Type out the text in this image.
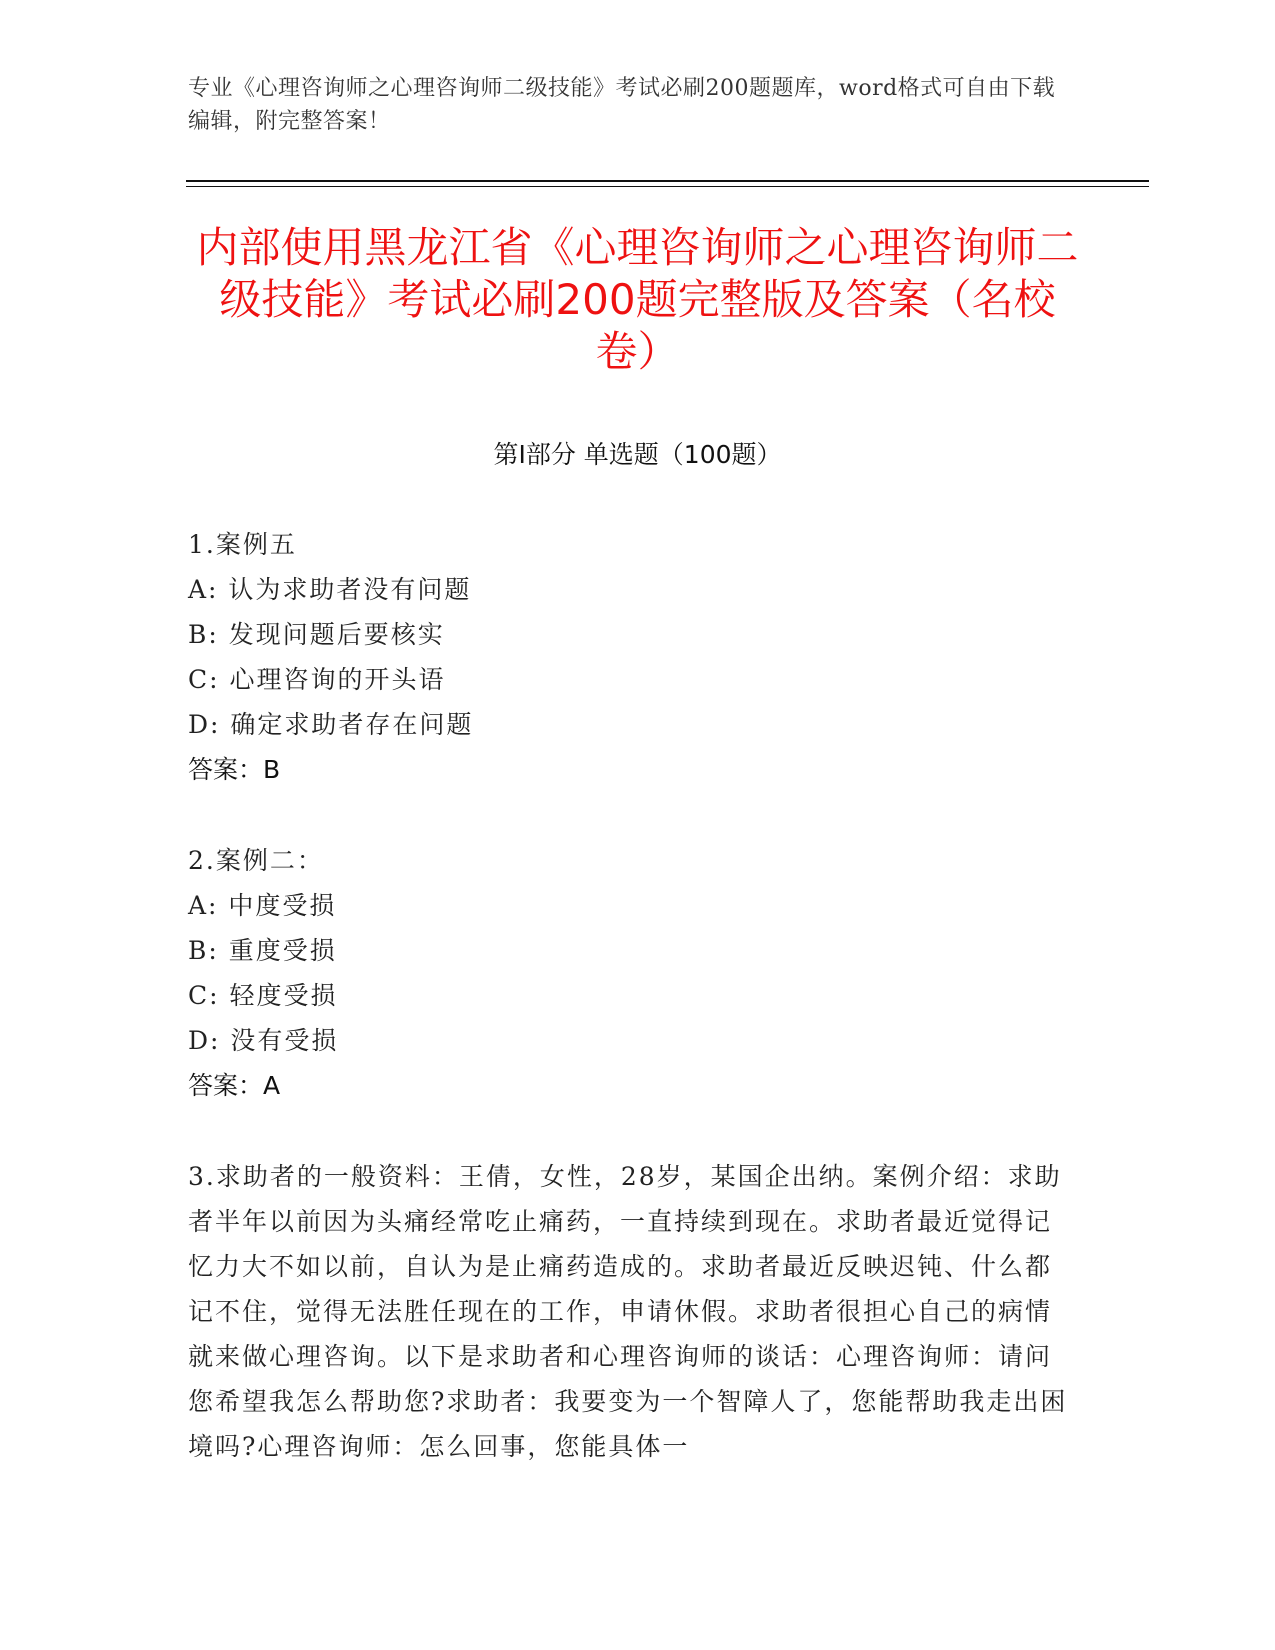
专业《心理咨询师之心理咨询师二级技能》考试必刷200题题库，word格式可自由下载编辑，附完整答案！
内部使用黑龙江省《心理咨询师之心理咨询师二级技能》考试必刷200题完整版及答案（名校卷）
第I部分 单选题（100题）
1.案例五
A: 认为求助者没有问题
B: 发现问题后要核实
C: 心理咨询的开头语
D: 确定求助者存在问题
答案：B
2.案例二：
A: 中度受损
B: 重度受损
C: 轻度受损
D: 没有受损
答案：A
3.求助者的一般资料：王倩，女性，28岁，某国企出纳。案例介绍：求助者半年以前因为头痛经常吃止痛药，一直持续到现在。求助者最近觉得记忆力大不如以前，自认为是止痛药造成的。求助者最近反映迟钝、什么都记不住，觉得无法胜任现在的工作，申请休假。求助者很担心自己的病情就来做心理咨询。以下是求助者和心理咨询师的谈话：心理咨询师：请问您希望我怎么帮助您?求助者：我要变为一个智障人了，您能帮助我走出困境吗?心理咨询师：怎么回事，您能具体一
